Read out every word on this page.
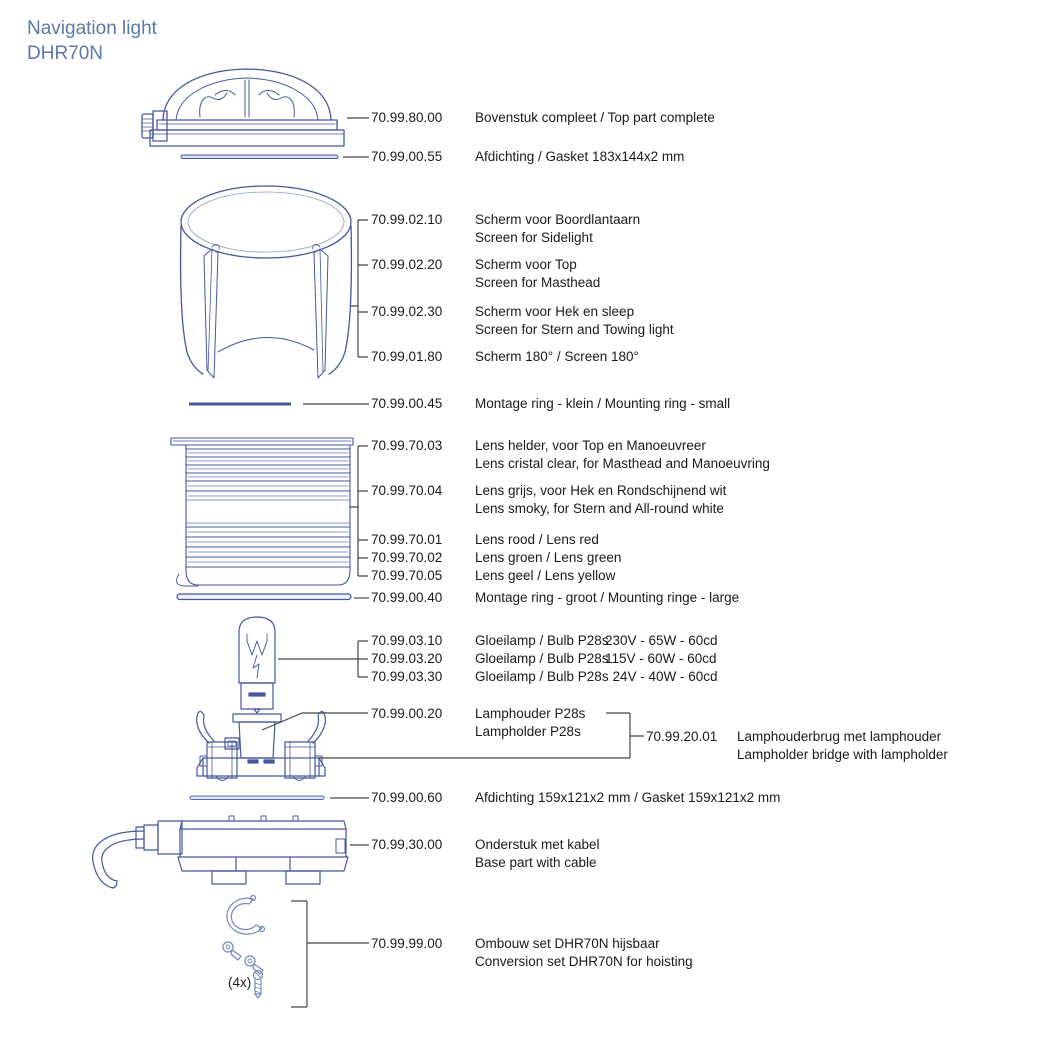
Navigation light
DHR70N
70.99.80.00	Bovenstuk compleet / Top part complete
70.99.00.55	Afdichting / Gasket 183x144x2 mm
70.99.02.10	Scherm voor Boordlantaarn
Screen for Sidelight
70.99.02.20	Scherm voor Top
Screen for Masthead
70.99.02.30	Scherm voor Hek en sleep
Screen for Stern and Towing light
70.99.01.80	Scherm 180° / Screen 180°
70.99.00.45	Montage ring - klein / Mounting ring - small
70.99.70.03	Lens helder, voor Top en Manoeuvreer
Lens cristal clear, for Masthead and Manoeuvring
70.99.70.04	Lens grijs, voor Hek en Rondschijnend wit
Lens smoky, for Stern and All-round white
70.99.70.01	Lens rood / Lens red
70.99.70.02	Lens groen / Lens green
70.99.70.05	Lens geel / Lens yellow
70.99.00.40	Montage ring - groot / Mounting ringe - large
70.99.03.10	Gloeilamp / Bulb P28s
230V - 65W - 60cd
70.99.03.20	Gloeilamp / Bulb P28s
115V - 60W - 60cd
70.99.03.30	Gloeilamp / Bulb P28s
24V - 40W - 60cd
70.99.00.20	Lamphouder P28s
Lampholder P28s	70.99.20.01	Lamphouderbrug met lamphouder
Lampholder bridge with lampholder
70.99.00.60	Afdichting 159x121x2 mm / Gasket 159x121x2 mm
70.99.30.00	Onderstuk met kabel
Base part with cable
70.99.99.00	Ombouw set DHR70N hijsbaar
Conversion set DHR70N for hoisting
(4x)
